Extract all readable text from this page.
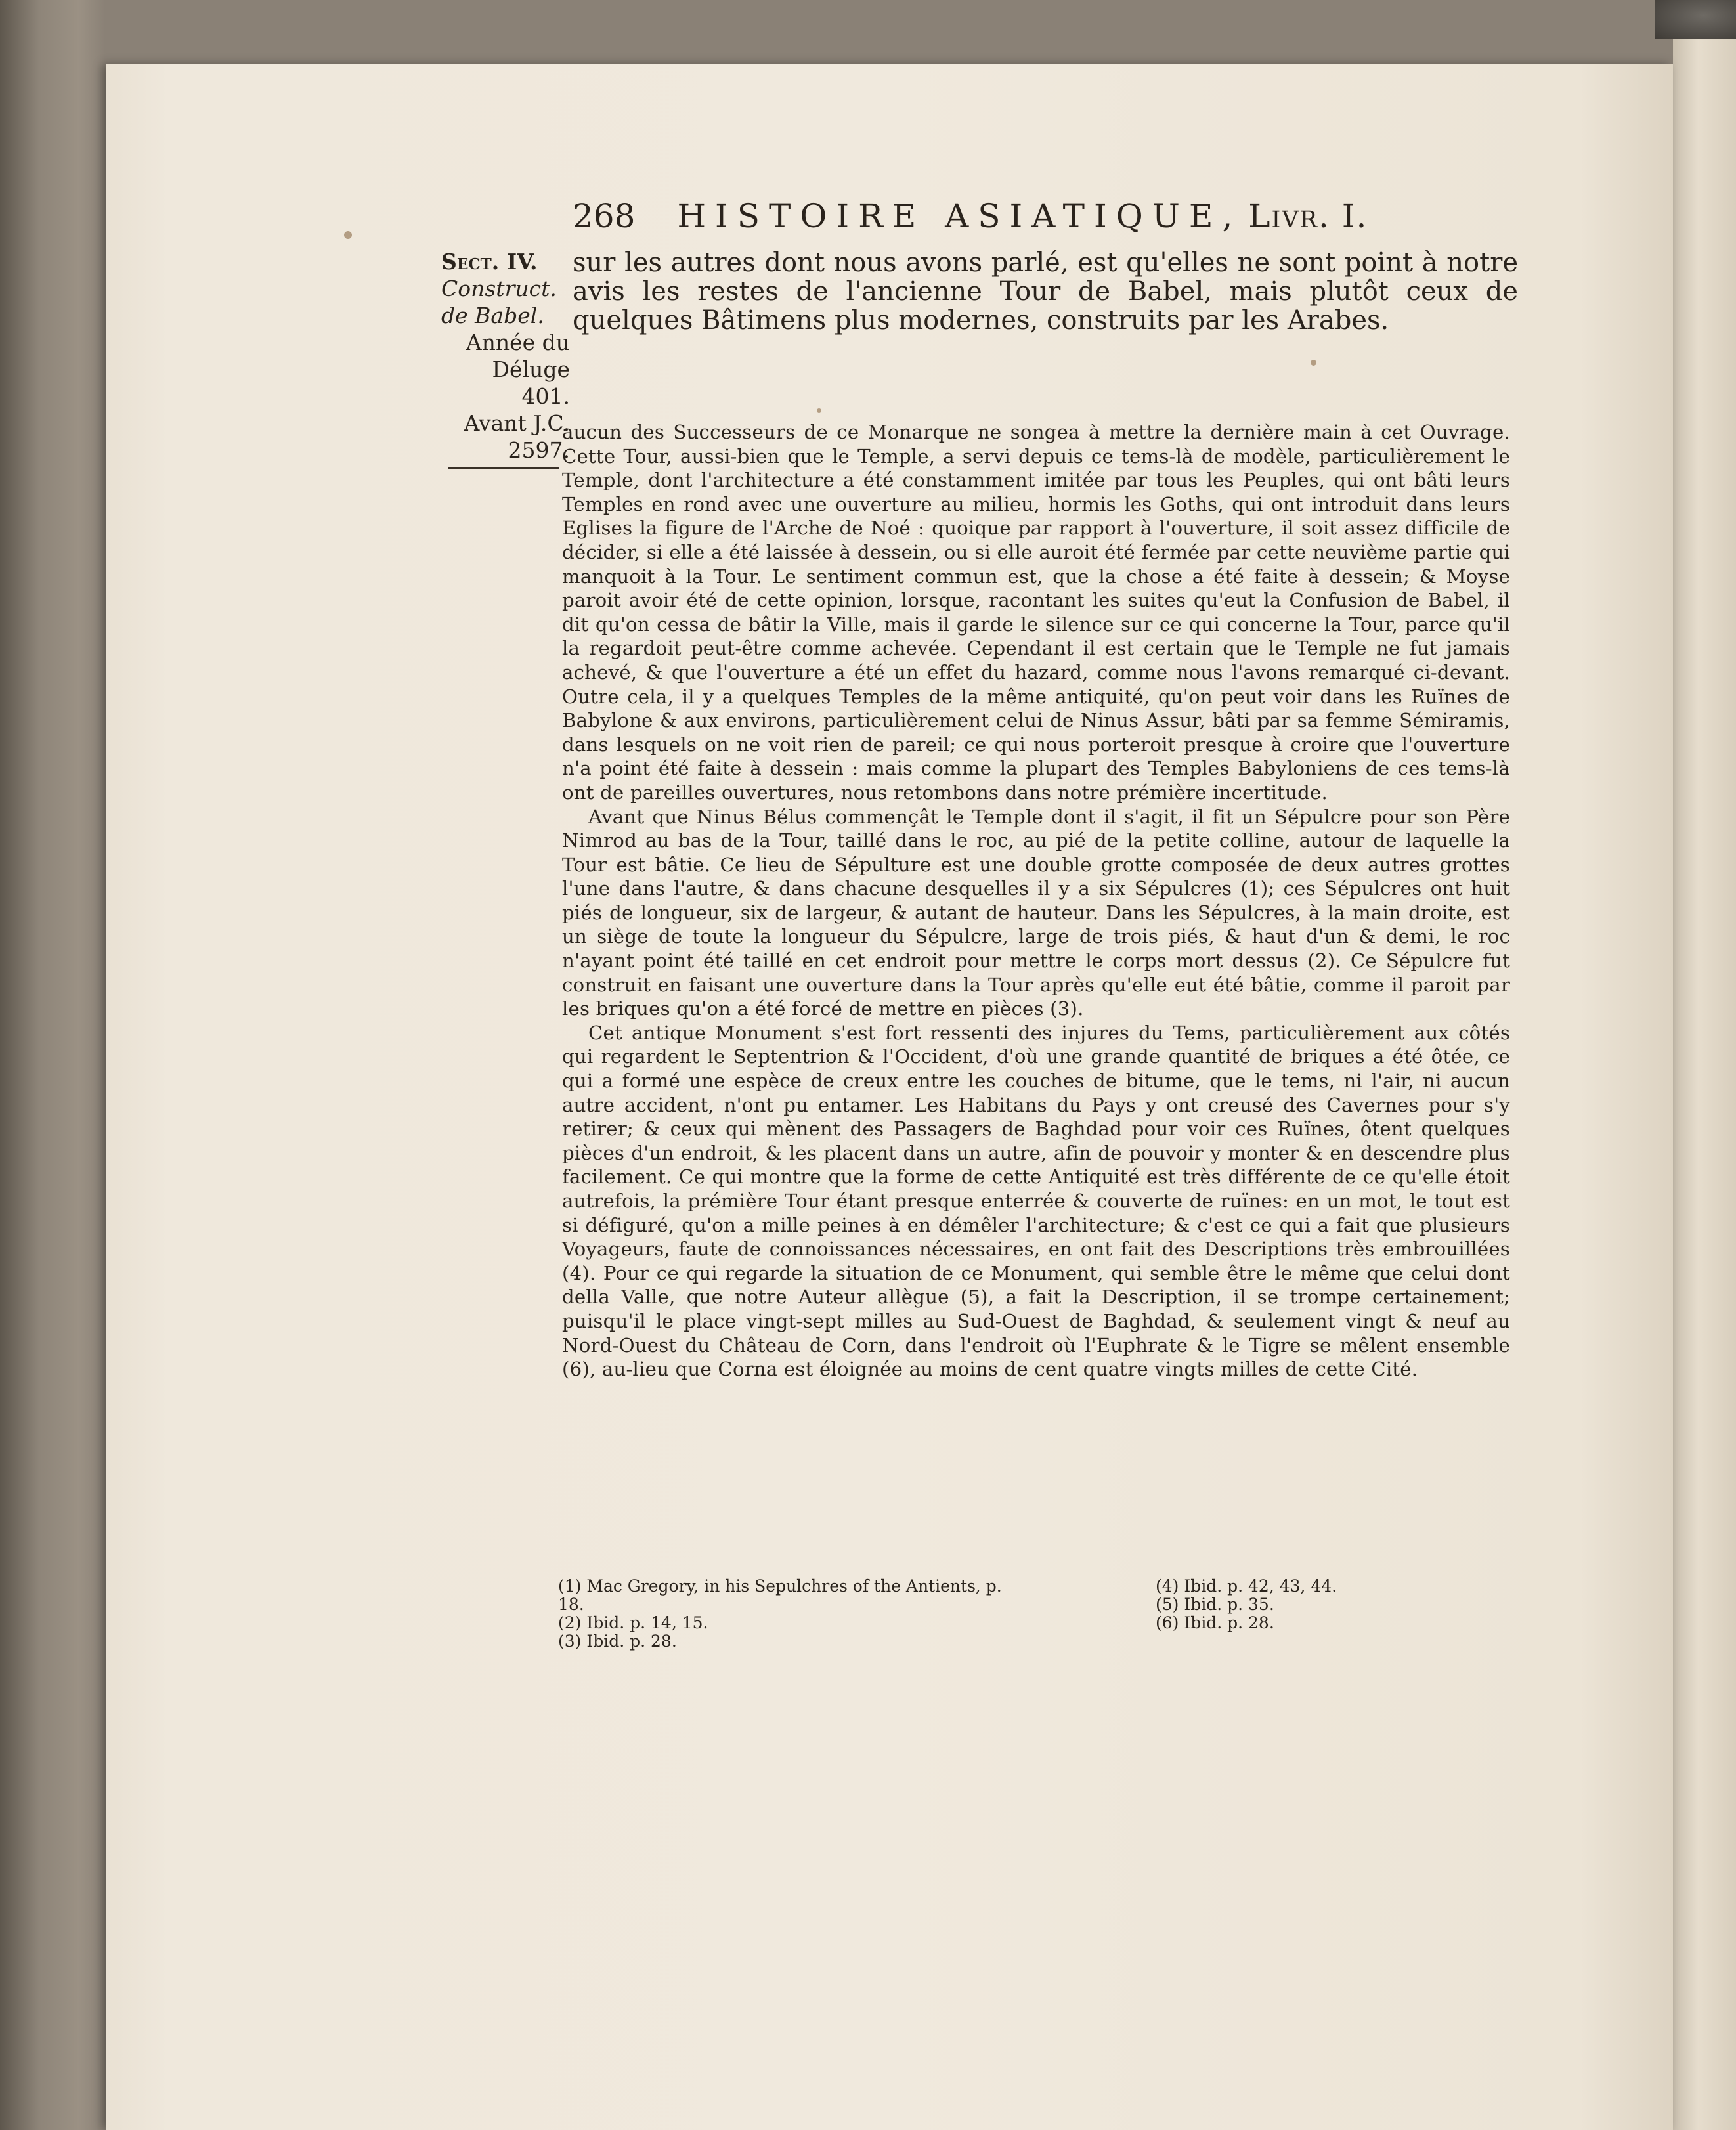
268 HISTOIRE ASIATIQUE, Livr. I.
Sect. IV.
Construct.
de Babel.
Année du
Déluge
401.
Avant J.C.
2597.

sur les autres dont nous avons parlé, est qu'elles ne sont point à notre avis les restes de l'ancienne Tour de Babel, mais plutôt ceux de quelques Bâtimens plus modernes, construits par les Arabes.

aucun des Successeurs de ce Monarque ne songea à mettre la dernière main à cet Ouvrage. Cette Tour, aussi-bien que le Temple, a servi depuis ce tems-là de modèle, particulièrement le Temple, dont l'architecture a été constamment imitée par tous les Peuples, qui ont bâti leurs Temples en rond avec une ouverture au milieu, hormis les Goths, qui ont introduit dans leurs Eglises la figure de l'Arche de Noé : quoique par rapport à l'ouverture, il soit assez difficile de décider, si elle a été laissée à dessein, ou si elle auroit été fermée par cette neuvième partie qui manquoit à la Tour. Le sentiment commun est, que la chose a été faite à dessein; & Moyse paroit avoir été de cette opinion, lorsque, racontant les suites qu'eut la Confusion de Babel, il dit qu'on cessa de bâtir la Ville, mais il garde le silence sur ce qui concerne la Tour, parce qu'il la regardoit peut-être comme achevée. Cependant il est certain que le Temple ne fut jamais achevé, & que l'ouverture a été un effet du hazard, comme nous l'avons remarqué ci-devant. Outre cela, il y a quelques Temples de la même antiquité, qu'on peut voir dans les Ruïnes de Babylone & aux environs, particulièrement celui de Ninus Assur, bâti par sa femme Sémiramis, dans lesquels on ne voit rien de pareil; ce qui nous porteroit presque à croire que l'ouverture n'a point été faite à dessein : mais comme la plupart des Temples Babyloniens de ces tems-là ont de pareilles ouvertures, nous retombons dans notre prémière incertitude.

Avant que Ninus Bélus commençât le Temple dont il s'agit, il fit un Sépulcre pour son Père Nimrod au bas de la Tour, taillé dans le roc, au pié de la petite colline, autour de laquelle la Tour est bâtie. Ce lieu de Sépulture est une double grotte composée de deux autres grottes l'une dans l'autre, & dans chacune desquelles il y a six Sépulcres (1); ces Sépulcres ont huit piés de longueur, six de largeur, & autant de hauteur. Dans les Sépulcres, à la main droite, est un siège de toute la longueur du Sépulcre, large de trois piés, & haut d'un & demi, le roc n'ayant point été taillé en cet endroit pour mettre le corps mort dessus (2). Ce Sépulcre fut construit en faisant une ouverture dans la Tour après qu'elle eut été bâtie, comme il paroit par les briques qu'on a été forcé de mettre en pièces (3).

Cet antique Monument s'est fort ressenti des injures du Tems, particulièrement aux côtés qui regardent le Septentrion & l'Occident, d'où une grande quantité de briques a été ôtée, ce qui a formé une espèce de creux entre les couches de bitume, que le tems, ni l'air, ni aucun autre accident, n'ont pu entamer. Les Habitans du Pays y ont creusé des Cavernes pour s'y retirer; & ceux qui mènent des Passagers de Baghdad pour voir ces Ruïnes, ôtent quelques pièces d'un endroit, & les placent dans un autre, afin de pouvoir y monter & en descendre plus facilement. Ce qui montre que la forme de cette Antiquité est très différente de ce qu'elle étoit autrefois, la prémière Tour étant presque enterrée & couverte de ruïnes: en un mot, le tout est si défiguré, qu'on a mille peines à en démêler l'architecture; & c'est ce qui a fait que plusieurs Voyageurs, faute de connoissances nécessaires, en ont fait des Descriptions très embrouillées (4). Pour ce qui regarde la situation de ce Monument, qui semble être le même que celui dont della Valle, que notre Auteur allègue (5), a fait la Description, il se trompe certainement; puisqu'il le place vingt-sept milles au Sud-Ouest de Baghdad, & seulement vingt & neuf au Nord-Ouest du Château de Corn, dans l'endroit où l'Euphrate & le Tigre se mêlent ensemble (6), au-lieu que Corna est éloignée au moins de cent quatre vingts milles de cette Cité.

(1) Mac Gregory, in his Sepulchres of the Antients, p. 18.

(2) Ibid. p. 14, 15.

(3) Ibid. p. 28.

(4) Ibid. p. 42, 43, 44.

(5) Ibid. p. 35.

(6) Ibid. p. 28.
